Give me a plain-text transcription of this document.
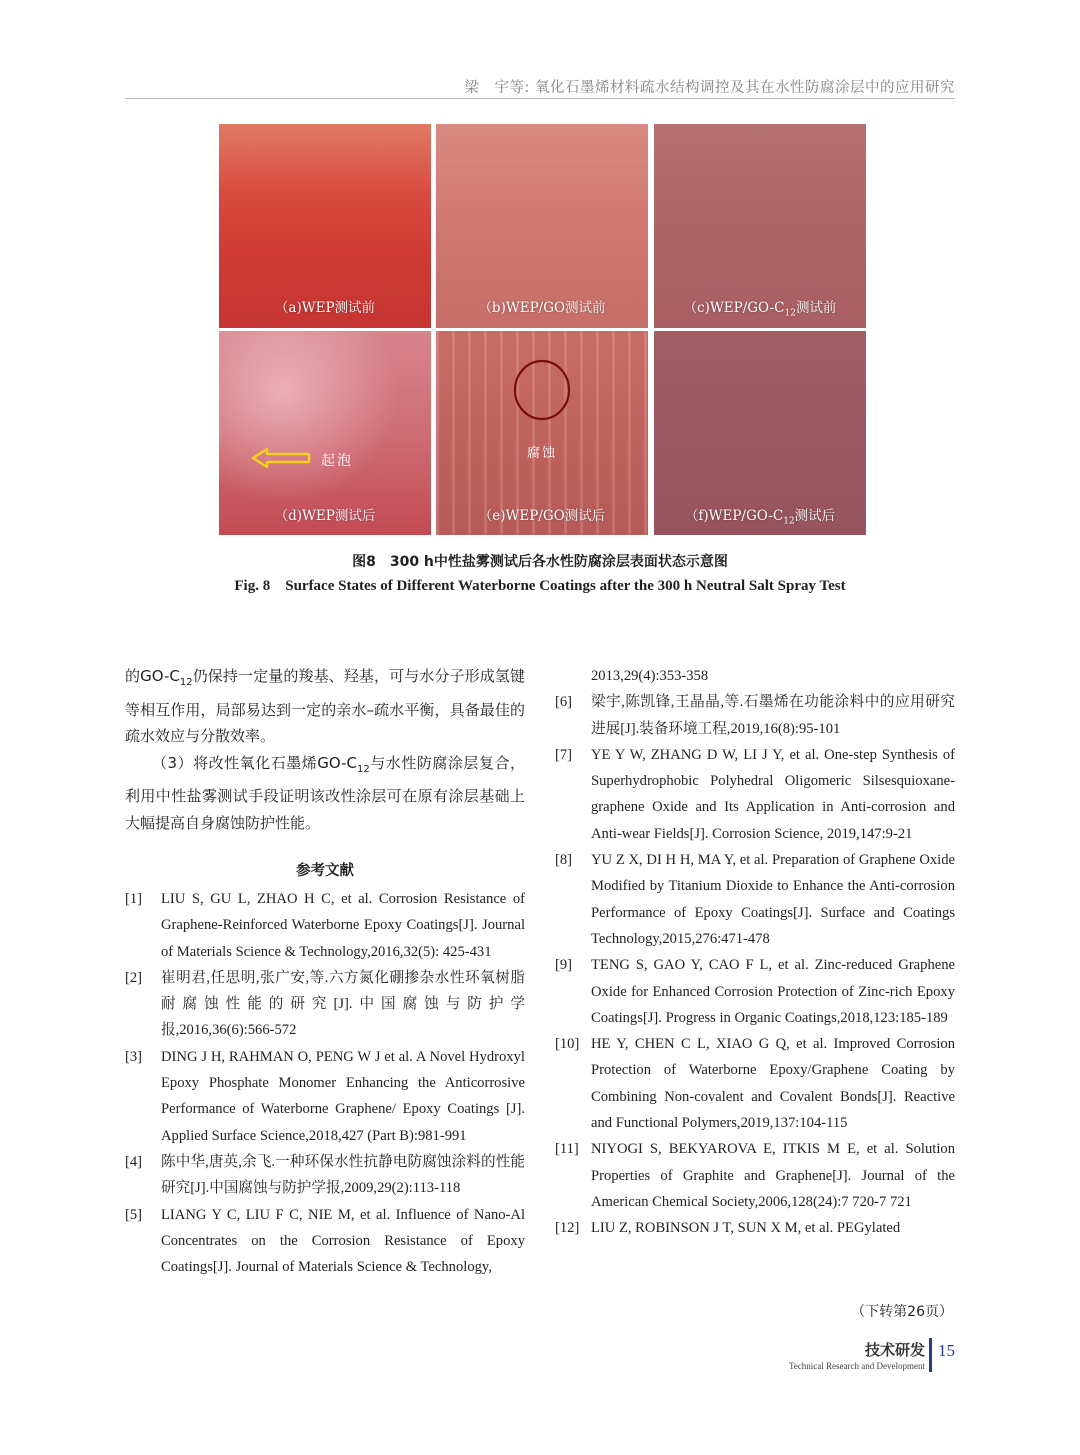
梁　宇等: 氧化石墨烯材料疏水结构调控及其在水性防腐涂层中的应用研究
（a)WEP测试前	（b)WEP/GO测试前	$(c)WEP/GO-C_{12}$测试前
起泡
（d)WEP测试后
腐蚀
（e)WEP/GO测试后	$(f)WEP/GO-C_{12}$测试后
图8　300 h中性盐雾测试后各水性防腐涂层表面状态示意图
Fig. 8　Surface States of Different Waterborne Coatings after the 300 h Neutral Salt Spray Test

的$GO-C_{12}$仍保持一定量的羧基、羟基，可与水分子形成氢键等相互作用，局部易达到一定的亲水–疏水平衡，具备最佳的疏水效应与分散效率。

（3）将改性氧化石墨烯$GO-C_{12}$与水性防腐涂层复合，利用中性盐雾测试手段证明该改性涂层可在原有涂层基础上大幅提高自身腐蚀防护性能。

参考文献
[1] LIU S, GU L, ZHAO H C, et al. Corrosion Resistance of Graphene-Reinforced Waterborne Epoxy Coatings[J]. Journal of Materials Science & Technology,2016,32(5): 425-431
[2] 崔明君,任思明,张广安,等.六方氮化硼掺杂水性环氧树脂耐腐蚀性能的研究[J].中国腐蚀与防护学报,2016,36(6):566-572
[3] DING J H, RAHMAN O, PENG W J et al. A Novel Hydroxyl Epoxy Phosphate Monomer Enhancing the Anticorrosive Performance of Waterborne Graphene/ Epoxy Coatings [J]. Applied Surface Science,2018,427 (Part B):981-991
[4] 陈中华,唐英,余飞.一种环保水性抗静电防腐蚀涂料的性能研究[J].中国腐蚀与防护学报,2009,29(2):113-118
[5] LIANG Y C, LIU F C, NIE M, et al. Influence of Nano-Al Concentrates on the Corrosion Resistance of Epoxy Coatings[J]. Journal of Materials Science & Technology,
2013,29(4):353-358
[6] 梁宇,陈凯锋,王晶晶,等.石墨烯在功能涂料中的应用研究进展[J].装备环境工程,2019,16(8):95-101
[7] YE Y W, ZHANG D W, LI J Y, et al. One-step Synthesis of Superhydrophobic Polyhedral Oligomeric Silsesquioxane-graphene Oxide and Its Application in Anti-corrosion and Anti-wear Fields[J]. Corrosion Science, 2019,147:9-21
[8] YU Z X, DI H H, MA Y, et al. Preparation of Graphene Oxide Modified by Titanium Dioxide to Enhance the Anti-corrosion Performance of Epoxy Coatings[J]. Surface and Coatings Technology,2015,276:471-478
[9] TENG S, GAO Y, CAO F L, et al. Zinc-reduced Graphene Oxide for Enhanced Corrosion Protection of Zinc-rich Epoxy Coatings[J]. Progress in Organic Coatings,2018,123:185-189
[10] HE Y, CHEN C L, XIAO G Q, et al. Improved Corrosion Protection of Waterborne Epoxy/Graphene Coating by Combining Non-covalent and Covalent Bonds[J]. Reactive and Functional Polymers,2019,137:104-115
[11] NIYOGI S, BEKYAROVA E, ITKIS M E, et al. Solution Properties of Graphite and Graphene[J]. Journal of the American Chemical Society,2006,128(24):7 720-7 721
[12] LIU Z, ROBINSON J T, SUN X M, et al. PEGylated
（下转第26页）
技术研发
Technical Research and Development
15
